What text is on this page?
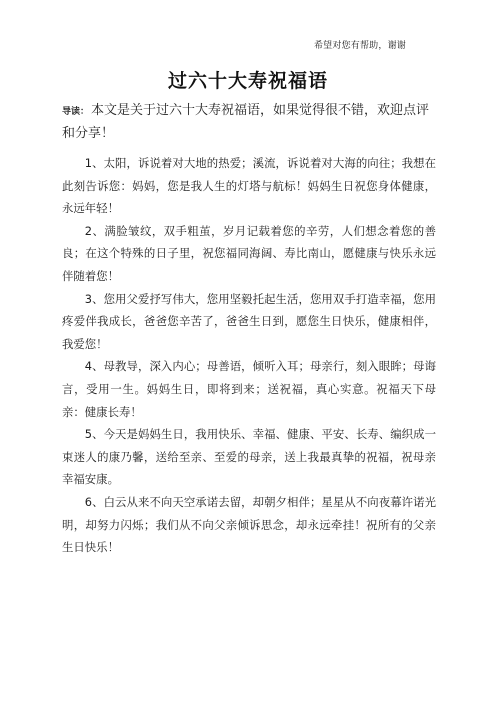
希望对您有帮助，谢谢
过六十大寿祝福语
导读： 本文是关于过六十大寿祝福语，如果觉得很不错，欢迎点评和分享！

1、太阳，诉说着对大地的热爱；溪流，诉说着对大海的向往；我想在此刻告诉您：妈妈，您是我人生的灯塔与航标！妈妈生日祝您身体健康，永远年轻！

2、满脸皱纹，双手粗茧，岁月记载着您的辛劳，人们想念着您的善良；在这个特殊的日子里，祝您福同海阔、寿比南山，愿健康与快乐永远伴随着您！

3、您用父爱抒写伟大，您用坚毅托起生活，您用双手打造幸福，您用疼爱伴我成长，爸爸您辛苦了，爸爸生日到，愿您生日快乐，健康相伴，我爱您！

4、母教导，深入内心；母善语，倾听入耳；母亲行，刻入眼眸；母诲言，受用一生。妈妈生日，即将到来；送祝福，真心实意。祝福天下母亲：健康长寿！

5、今天是妈妈生日，我用快乐、幸福、健康、平安、长寿、编织成一束迷人的康乃馨，送给至亲、至爱的母亲，送上我最真挚的祝福，祝母亲幸福安康。

6、白云从来不向天空承诺去留，却朝夕相伴；星星从不向夜幕许诺光明，却努力闪烁；我们从不向父亲倾诉思念，却永远牵挂！祝所有的父亲生日快乐！
